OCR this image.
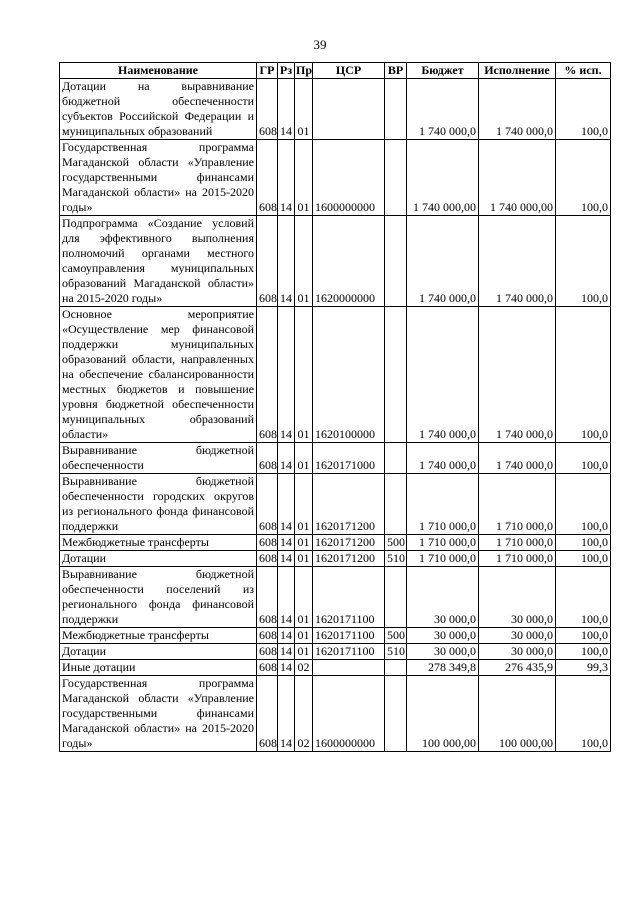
39
Наименование	ГР	Рз	Пр	ЦСР	ВР	Бюджет	Исполнение	% исп.

Дотации на выравнивание бюджетной обеспеченности субъектов Российской Федерации и муниципальных образований	608	14	01			1 740 000,0	1 740 000,0	100,0

Государственная программа Магаданской области «Управление государственными финансами Магаданской области» на 2015-2020 годы»	608	14	01	1600000000		1 740 000,00	1 740 000,00	100,0

Подпрограмма «Создание условий для эффективного выполнения полномочий органами местного самоуправления муниципальных образований Магаданской области» на 2015-2020 годы»	608	14	01	1620000000		1 740 000,0	1 740 000,0	100,0

Основное мероприятие «Осуществление мер финансовой поддержки муниципальных образований области, направленных на обеспечение сбалансированности местных бюджетов и повышение уровня бюджетной обеспеченности муниципальных образований области»	608	14	01	1620100000		1 740 000,0	1 740 000,0	100,0

Выравнивание бюджетной обеспеченности	608	14	01	1620171000		1 740 000,0	1 740 000,0	100,0

Выравнивание бюджетной обеспеченности городских округов из регионального фонда финансовой поддержки	608	14	01	1620171200		1 710 000,0	1 710 000,0	100,0

Межбюджетные трансферты	608	14	01	1620171200	500	1 710 000,0	1 710 000,0	100,0

Дотации	608	14	01	1620171200	510	1 710 000,0	1 710 000,0	100,0

Выравнивание бюджетной обеспеченности поселений из регионального фонда финансовой поддержки	608	14	01	1620171100		30 000,0	30 000,0	100,0

Межбюджетные трансферты	608	14	01	1620171100	500	30 000,0	30 000,0	100,0

Дотации	608	14	01	1620171100	510	30 000,0	30 000,0	100,0

Иные дотации	608	14	02			278 349,8	276 435,9	99,3

Государственная программа Магаданской области «Управление государственными финансами Магаданской области» на 2015-2020 годы»	608	14	02	1600000000		100 000,00	100 000,00	100,0
